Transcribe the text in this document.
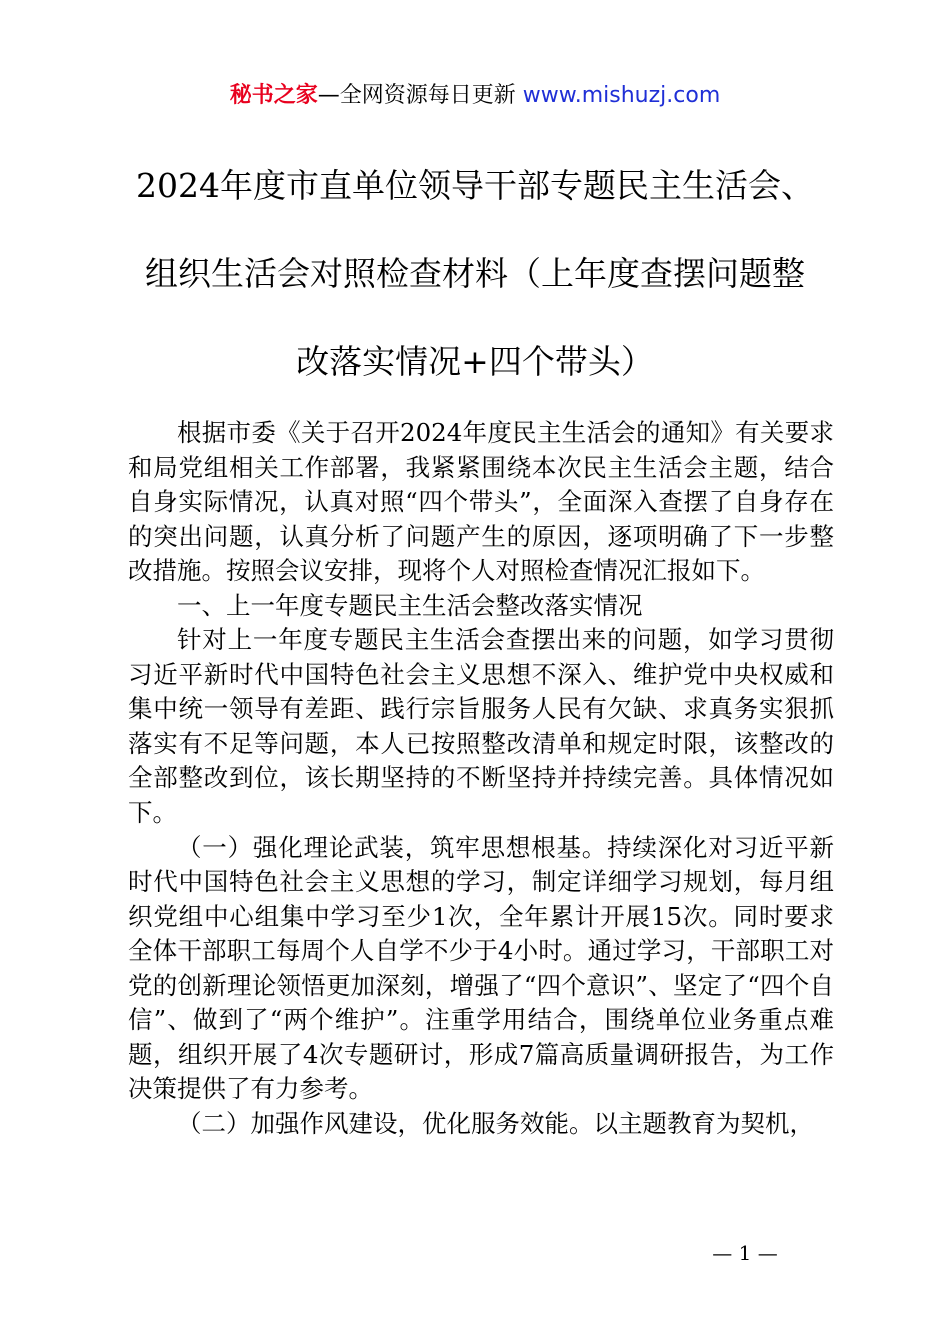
秘书之家—全网资源每日更新 www.mishuzj.com
2024年度市直单位领导干部专题民主生活会、
组织生活会对照检查材料（上年度查摆问题整
改落实情况+四个带头）

根据市委《关于召开2024年度民主生活会的通知》有关要求和局党组相关工作部署，我紧紧围绕本次民主生活会主题，结合自身实际情况，认真对照“四个带头”，全面深入查摆了自身存在的突出问题，认真分析了问题产生的原因，逐项明确了下一步整改措施。按照会议安排，现将个人对照检查情况汇报如下。

一、上一年度专题民主生活会整改落实情况

针对上一年度专题民主生活会查摆出来的问题，如学习贯彻习近平新时代中国特色社会主义思想不深入、维护党中央权威和集中统一领导有差距、践行宗旨服务人民有欠缺、求真务实狠抓落实有不足等问题，本人已按照整改清单和规定时限，该整改的全部整改到位，该长期坚持的不断坚持并持续完善。具体情况如下。

（一）强化理论武装，筑牢思想根基。持续深化对习近平新时代中国特色社会主义思想的学习，制定详细学习规划，每月组织党组中心组集中学习至少1次，全年累计开展15次。同时要求全体干部职工每周个人自学不少于4小时。通过学习，干部职工对党的创新理论领悟更加深刻，增强了“四个意识”、坚定了“四个自信”、做到了“两个维护”。注重学用结合，围绕单位业务重点难题，组织开展了4次专题研讨，形成7篇高质量调研报告，为工作决策提供了有力参考。

（二）加强作风建设，优化服务效能。以主题教育为契机，

— 1 —
